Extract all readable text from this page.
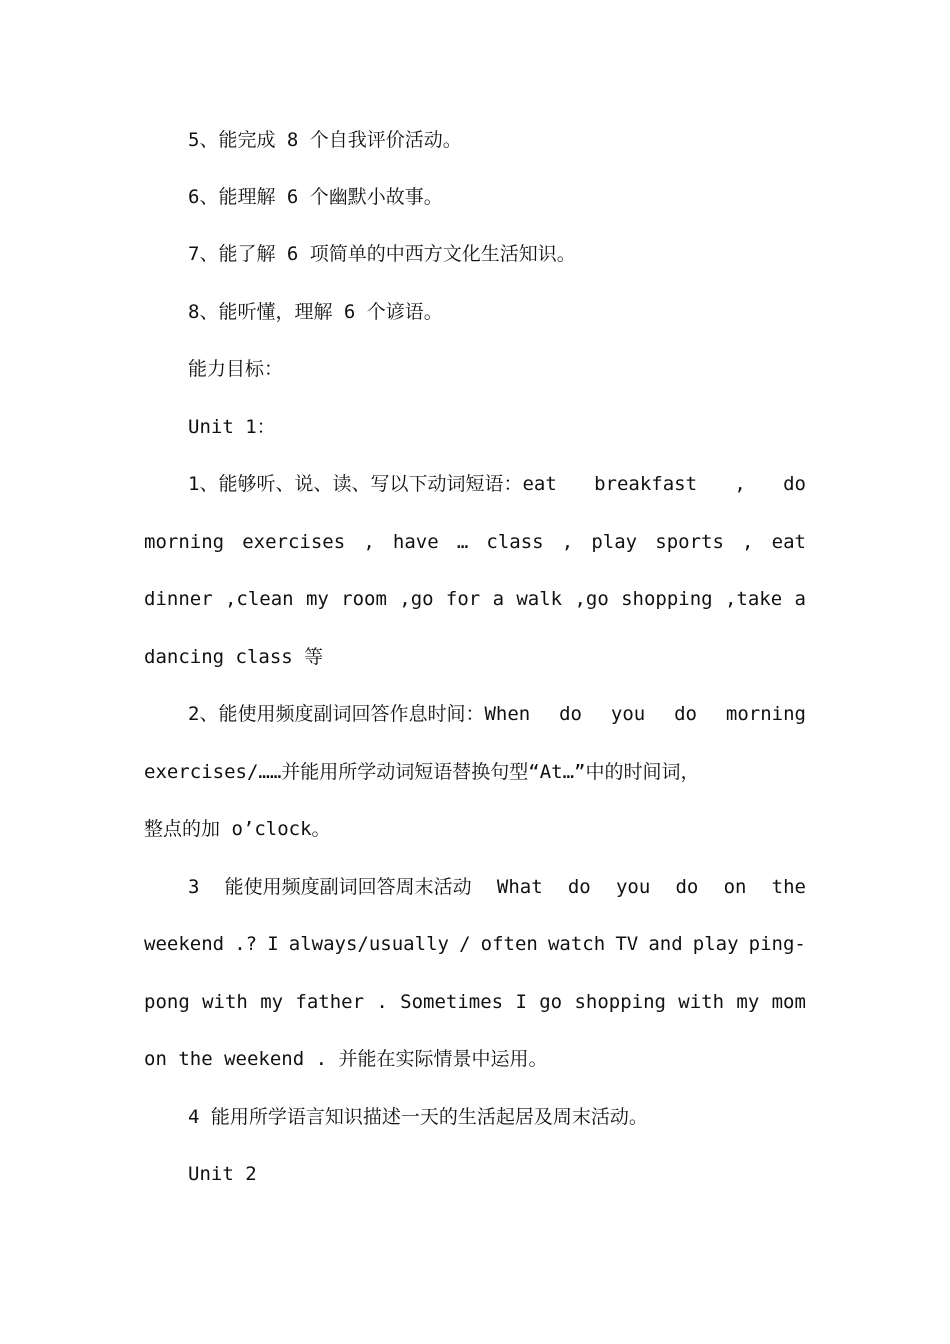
5、能完成 8 个自我评价活动。
6、能理解 6 个幽默小故事。
7、能了解 6 项简单的中西方文化生活知识。
8、能听懂，理解 6 个谚语。
能力目标：
Unit 1：
1、能够听、说、读、写以下动词短语：eat breakfast , do
morning exercises , have … class , play sports , eat
dinner ,clean my room ,go for a walk ,go shopping ,take a
dancing class 等
2、能使用频度副词回答作息时间：When do you do morning
exercises/……并能用所学动词短语替换句型“At…”中的时间词，
整点的加 o’clock。
3 能使用频度副词回答周末活动 What do you do on the
weekend .? I always/usually / often watch TV and play ping-
pong with my father . Sometimes I go shopping with my mom
on the weekend . 并能在实际情景中运用。
4 能用所学语言知识描述一天的生活起居及周末活动。
Unit 2
